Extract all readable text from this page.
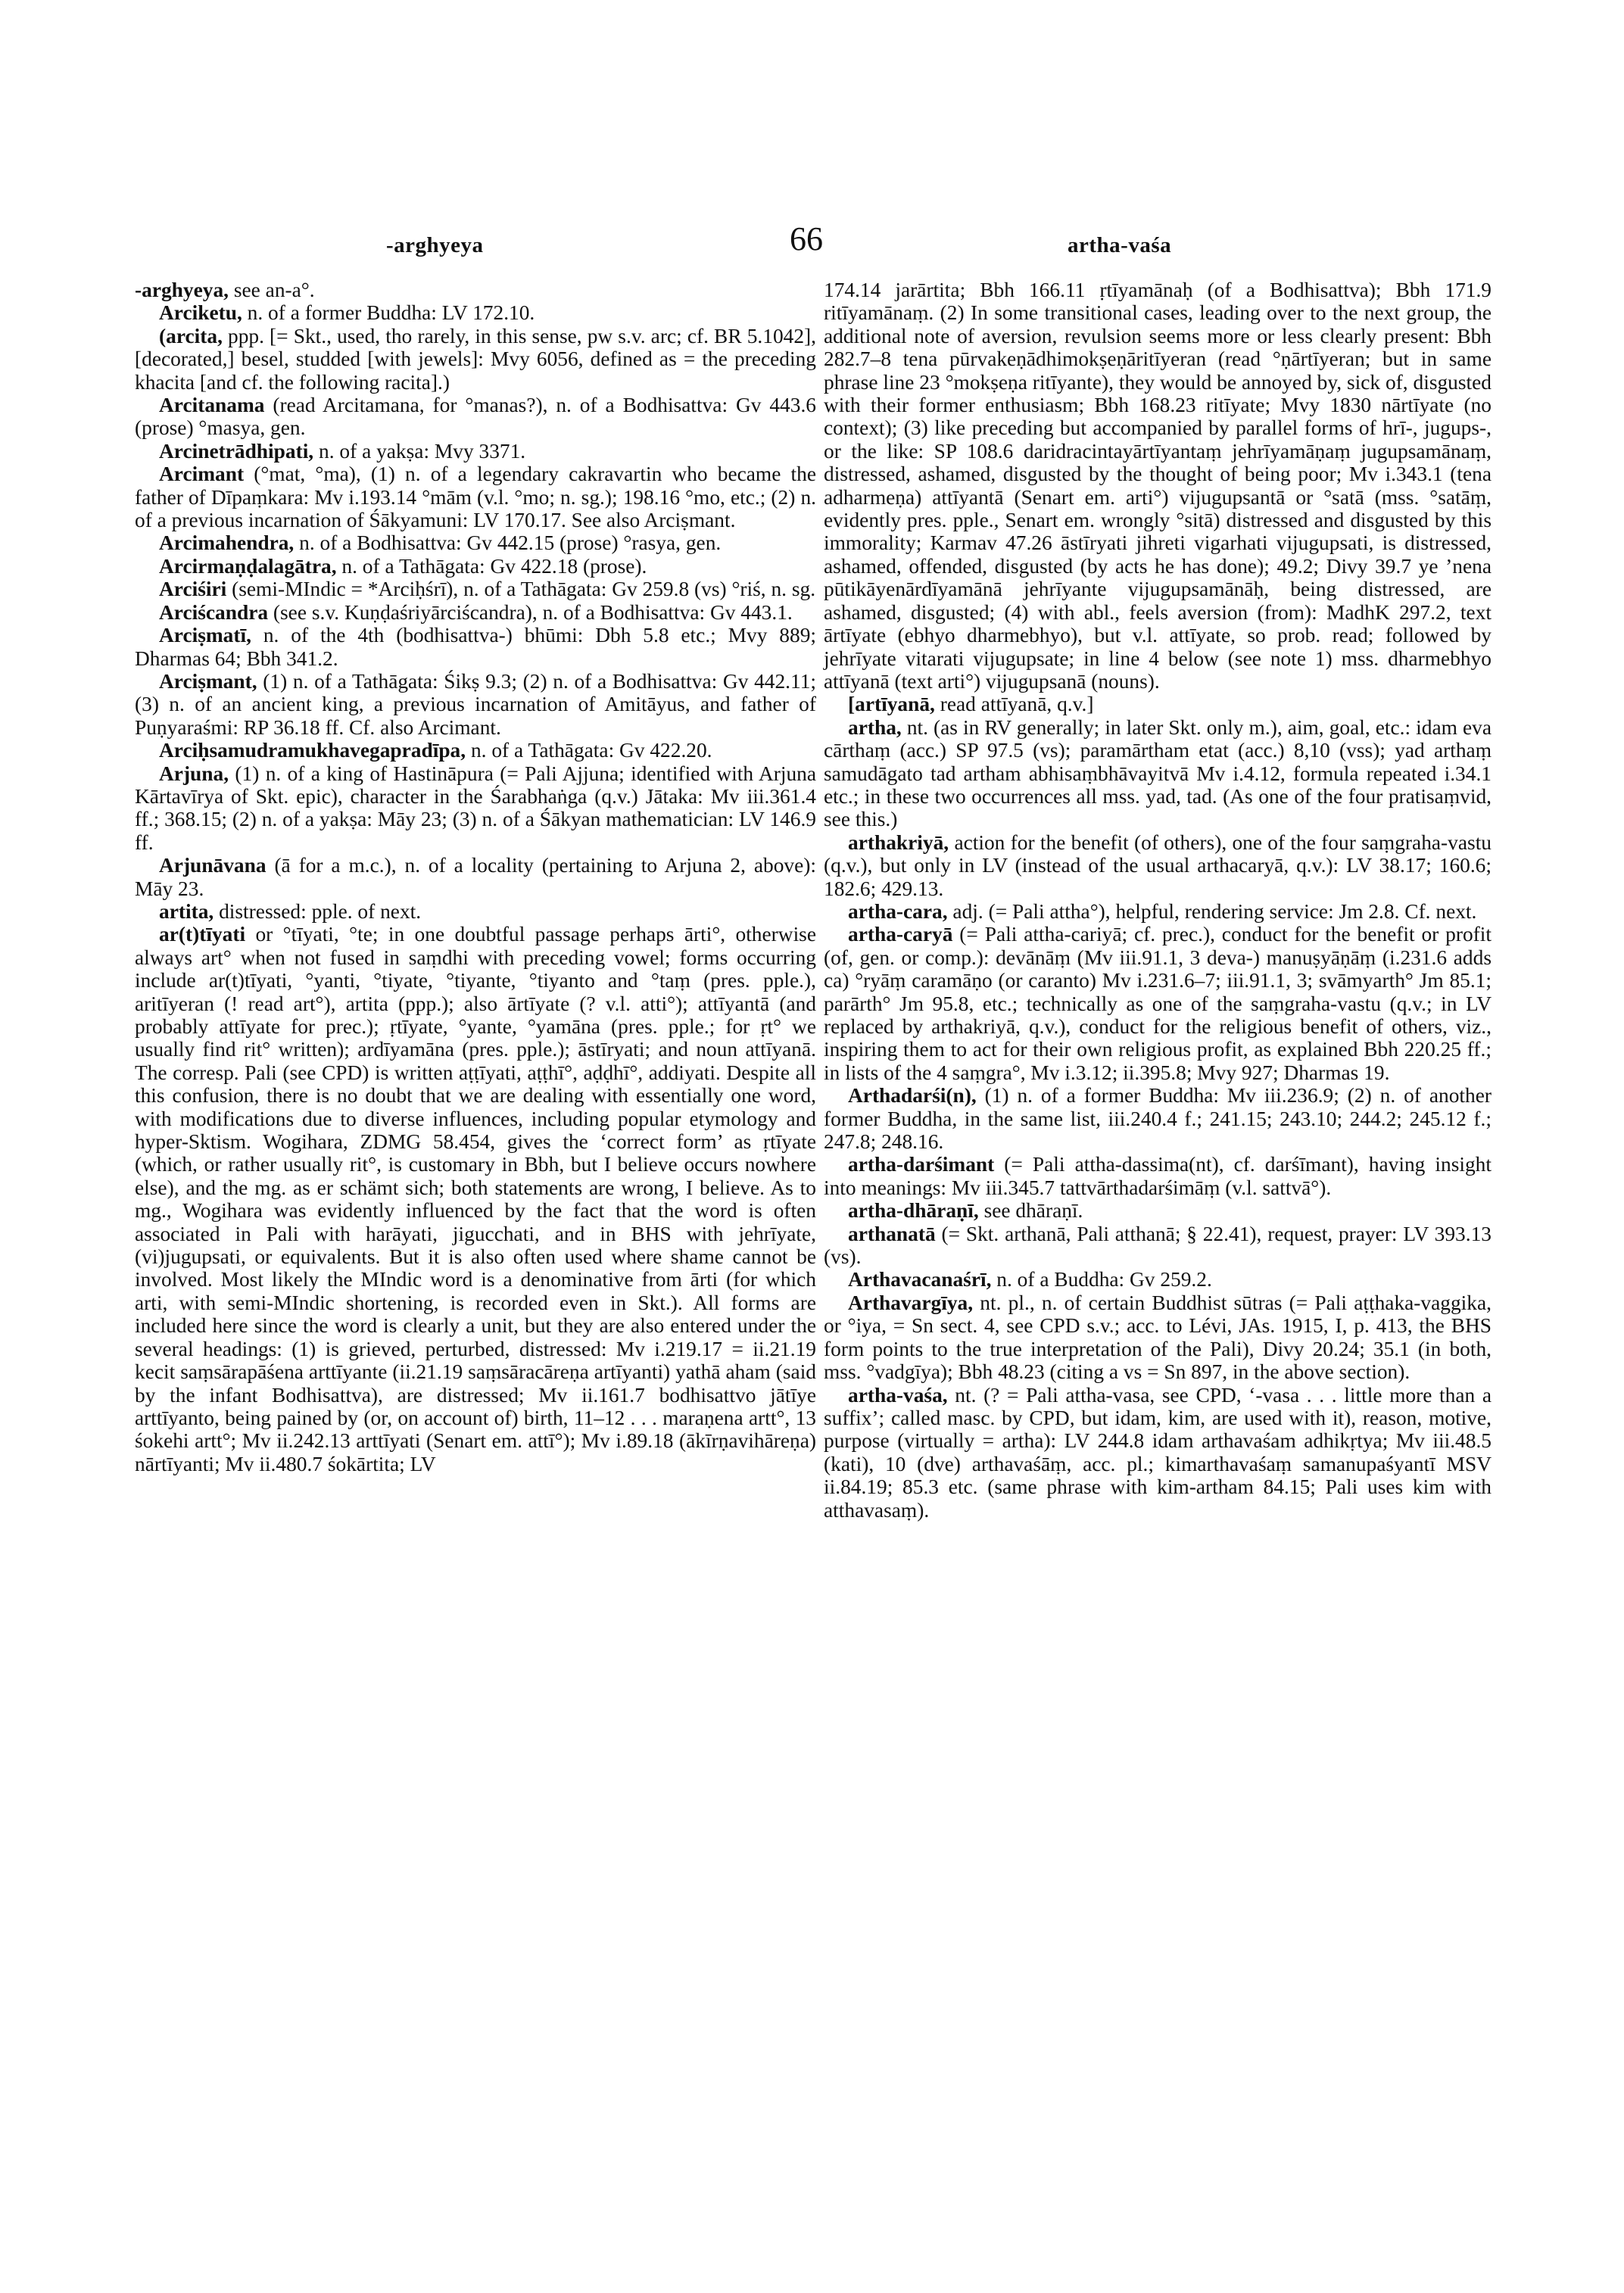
-arghyeya	66	artha-vaśa

-arghyeya, see an-a°.

Arciketu, n. of a former Buddha: LV 172.10.

(arcita, ppp. [= Skt., used, tho rarely, in this sense, pw s.v. arc; cf. BR 5.1042], [decorated,] besel, studded [with jewels]: Mvy 6056, defined as = the preceding khacita [and cf. the following racita].)

Arcitanama (read Arcitamana, for °manas?), n. of a Bodhisattva: Gv 443.6 (prose) °masya, gen.

Arcinetrādhipati, n. of a yakṣa: Mvy 3371.

Arcimant (°mat, °ma), (1) n. of a legendary cakravartin who became the father of Dīpaṃkara: Mv i.193.14 °mām (v.l. °mo; n. sg.); 198.16 °mo, etc.; (2) n. of a previous incarnation of Śākyamuni: LV 170.17. See also Arciṣmant.

Arcimahendra, n. of a Bodhisattva: Gv 442.15 (prose) °rasya, gen.

Arcirmaṇḍalagātra, n. of a Tathāgata: Gv 422.18 (prose).

Arciśiri (semi-MIndic = *Arciḥśrī), n. of a Tathāgata: Gv 259.8 (vs) °riś, n. sg.

Arciścandra (see s.v. Kuṇḍaśriyārciścandra), n. of a Bodhisattva: Gv 443.1.

Arciṣmatī, n. of the 4th (bodhisattva-) bhūmi: Dbh 5.8 etc.; Mvy 889; Dharmas 64; Bbh 341.2.

Arciṣmant, (1) n. of a Tathāgata: Śikṣ 9.3; (2) n. of a Bodhisattva: Gv 442.11; (3) n. of an ancient king, a previous incarnation of Amitāyus, and father of Puṇyaraśmi: RP 36.18 ff. Cf. also Arcimant.

Arciḥsamudramukhavegapradīpa, n. of a Tathāgata: Gv 422.20.

Arjuna, (1) n. of a king of Hastināpura (= Pali Ajjuna; identified with Arjuna Kārtavīrya of Skt. epic), character in the Śarabhaṅga (q.v.) Jātaka: Mv iii.361.4 ff.; 368.15; (2) n. of a yakṣa: Māy 23; (3) n. of a Śākyan mathematician: LV 146.9 ff.

Arjunāvana (ā for a m.c.), n. of a locality (pertaining to Arjuna 2, above): Māy 23.

artita, distressed: pple. of next.

ar(t)tīyati or °tīyati, °te; in one doubtful passage perhaps ārti°, otherwise always art° when not fused in saṃdhi with preceding vowel; forms occurring include ar(t)tīyati, °yanti, °tiyate, °tiyante, °tiyanto and °taṃ (pres. pple.), aritīyeran (! read art°), artita (ppp.); also ārtīyate (? v.l. atti°); attīyantā (and probably attīyate for prec.); ṛtīyate, °yante, °yamāna (pres. pple.; for ṛt° we usually find rit° written); ardīyamāna (pres. pple.); āstīryati; and noun attīyanā. The corresp. Pali (see CPD) is written aṭṭīyati, aṭṭhī°, aḍḍhī°, addiyati. Despite all this confusion, there is no doubt that we are dealing with essentially one word, with modifications due to diverse influences, including popular etymology and hyper-Sktism. Wogihara, ZDMG 58.454, gives the ‘correct form’ as ṛtīyate (which, or rather usually rit°, is customary in Bbh, but I believe occurs nowhere else), and the mg. as er schämt sich; both statements are wrong, I believe. As to mg., Wogihara was evidently influenced by the fact that the word is often associated in Pali with harāyati, jigucchati, and in BHS with jehrīyate, (vi)jugupsati, or equivalents. But it is also often used where shame cannot be involved. Most likely the MIndic word is a denominative from ārti (for which arti, with semi-MIndic shortening, is recorded even in Skt.). All forms are included here since the word is clearly a unit, but they are also entered under the several headings: (1) is grieved, perturbed, distressed: Mv i.219.17 = ii.21.19 kecit saṃsārapāśena arttīyante (ii.21.19 saṃsāracāreṇa artīyanti) yathā aham (said by the infant Bodhisattva), are distressed; Mv ii.161.7 bodhisattvo jātīye arttīyanto, being pained by (or, on account of) birth, 11–12 . . . maraṇena artt°, 13 śokehi artt°; Mv ii.242.13 arttīyati (Senart em. attī°); Mv i.89.18 (ākīrṇavihāreṇa) nārtīyanti; Mv ii.480.7 śokārtita; LV

174.14 jarārtita; Bbh 166.11 ṛtīyamānaḥ (of a Bodhisattva); Bbh 171.9 ritīyamānaṃ. (2) In some transitional cases, leading over to the next group, the additional note of aversion, revulsion seems more or less clearly present: Bbh 282.7–8 tena pūrvakeṇādhimokṣeṇāritīyeran (read °ṇārtīyeran; but in same phrase line 23 °mokṣeṇa ritīyante), they would be annoyed by, sick of, disgusted with their former enthusiasm; Bbh 168.23 ritīyate; Mvy 1830 nārtīyate (no context); (3) like preceding but accompanied by parallel forms of hrī-, jugups-, or the like: SP 108.6 daridracintayārtīyantaṃ jehrīyamāṇaṃ jugupsamānaṃ, distressed, ashamed, disgusted by the thought of being poor; Mv i.343.1 (tena adharmeṇa) attīyantā (Senart em. arti°) vijugupsantā or °satā (mss. °satāṃ, evidently pres. pple., Senart em. wrongly °sitā) distressed and disgusted by this immorality; Karmav 47.26 āstīryati jihreti vigarhati vijugupsati, is distressed, ashamed, offended, disgusted (by acts he has done); 49.2; Divy 39.7 ye ’nena pūtikāyenārdīyamānā jehrīyante vijugupsamānāḥ, being distressed, are ashamed, disgusted; (4) with abl., feels aversion (from): MadhK 297.2, text ārtīyate (ebhyo dharmebhyo), but v.l. attīyate, so prob. read; followed by jehrīyate vitarati vijugupsate; in line 4 below (see note 1) mss. dharmebhyo attīyanā (text arti°) vijugupsanā (nouns).

[artīyanā, read attīyanā, q.v.]

artha, nt. (as in RV generally; in later Skt. only m.), aim, goal, etc.: idam eva cārthaṃ (acc.) SP 97.5 (vs); paramārtham etat (acc.) 8,10 (vss); yad arthaṃ samudāgato tad artham abhisaṃbhāvayitvā Mv i.4.12, formula repeated i.34.1 etc.; in these two occurrences all mss. yad, tad. (As one of the four pratisaṃvid, see this.)

arthakriyā, action for the benefit (of others), one of the four saṃgraha-vastu (q.v.), but only in LV (instead of the usual arthacaryā, q.v.): LV 38.17; 160.6; 182.6; 429.13.

artha-cara, adj. (= Pali attha°), helpful, rendering service: Jm 2.8. Cf. next.

artha-caryā (= Pali attha-cariyā; cf. prec.), conduct for the benefit or profit (of, gen. or comp.): devānāṃ (Mv iii.91.1, 3 deva-) manuṣyāṇāṃ (i.231.6 adds ca) °ryāṃ caramāṇo (or caranto) Mv i.231.6–7; iii.91.1, 3; svāmyarth° Jm 85.1; parārth° Jm 95.8, etc.; technically as one of the saṃgraha-vastu (q.v.; in LV replaced by arthakriyā, q.v.), conduct for the religious benefit of others, viz., inspiring them to act for their own religious profit, as explained Bbh 220.25 ff.; in lists of the 4 saṃgra°, Mv i.3.12; ii.395.8; Mvy 927; Dharmas 19.

Arthadarśi(n), (1) n. of a former Buddha: Mv iii.236.9; (2) n. of another former Buddha, in the same list, iii.240.4 f.; 241.15; 243.10; 244.2; 245.12 f.; 247.8; 248.16.

artha-darśimant (= Pali attha-dassima(nt), cf. darśīmant), having insight into meanings: Mv iii.345.7 tattvārthadarśimāṃ (v.l. sattvā°).

artha-dhāraṇī, see dhāraṇī.

arthanatā (= Skt. arthanā, Pali atthanā; § 22.41), request, prayer: LV 393.13 (vs).

Arthavacanaśrī, n. of a Buddha: Gv 259.2.

Arthavargīya, nt. pl., n. of certain Buddhist sūtras (= Pali aṭṭhaka-vaggika, or °iya, = Sn sect. 4, see CPD s.v.; acc. to Lévi, JAs. 1915, I, p. 413, the BHS form points to the true interpretation of the Pali), Divy 20.24; 35.1 (in both, mss. °vadgīya); Bbh 48.23 (citing a vs = Sn 897, in the above section).

artha-vaśa, nt. (? = Pali attha-vasa, see CPD, ‘-vasa . . . little more than a suffix’; called masc. by CPD, but idam, kim, are used with it), reason, motive, purpose (virtually = artha): LV 244.8 idam arthavaśam adhikṛtya; Mv iii.48.5 (kati), 10 (dve) arthavaśāṃ, acc. pl.; kimarthavaśaṃ samanupaśyantī MSV ii.84.19; 85.3 etc. (same phrase with kim-artham 84.15; Pali uses kim with atthavasaṃ).
